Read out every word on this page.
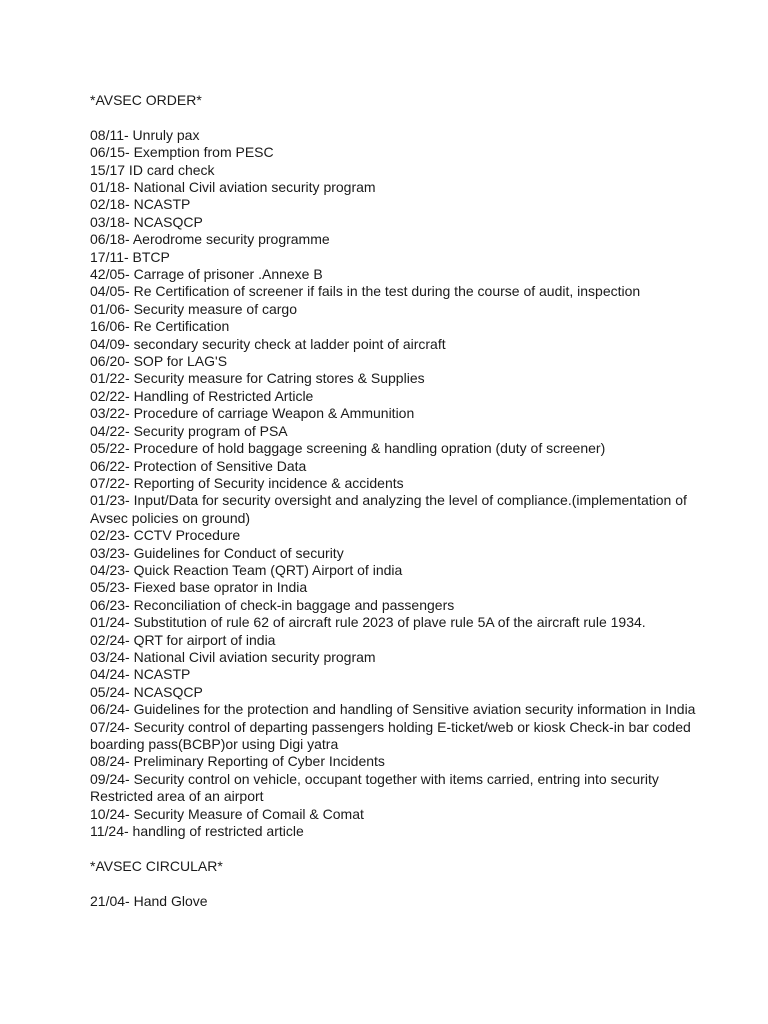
*AVSEC ORDER*
08/11- Unruly pax
06/15- Exemption from PESC
15/17 ID card check
01/18- National Civil aviation security program
02/18- NCASTP
03/18- NCASQCP
06/18- Aerodrome security programme
17/11- BTCP
42/05- Carrage of prisoner .Annexe B
04/05- Re Certification of screener if fails in the test during the course of audit, inspection
01/06- Security measure of cargo
16/06- Re Certification
04/09- secondary security check at ladder point of aircraft
06/20- SOP for LAG'S
01/22- Security measure for Catring stores & Supplies
02/22- Handling of Restricted Article
03/22- Procedure of carriage Weapon & Ammunition
04/22- Security program of PSA
05/22- Procedure of hold baggage screening & handling opration (duty of screener)
06/22- Protection of Sensitive Data
07/22- Reporting of Security incidence & accidents
01/23- Input/Data for security oversight and analyzing the level of compliance.(implementation of Avsec policies on ground)
02/23- CCTV Procedure
03/23- Guidelines for Conduct of security
04/23- Quick Reaction Team (QRT) Airport of india
05/23- Fiexed base oprator in India
06/23- Reconciliation of check-in baggage and passengers
01/24- Substitution of rule 62 of aircraft rule 2023 of plave rule 5A of the aircraft rule 1934.
02/24- QRT for airport of india
03/24- National Civil aviation security program
04/24- NCASTP
05/24- NCASQCP
06/24- Guidelines for the protection and handling of Sensitive aviation security information in India
07/24- Security control of departing passengers holding E-ticket/web or kiosk Check-in bar coded boarding pass(BCBP)or using Digi yatra
08/24- Preliminary Reporting of Cyber Incidents
09/24- Security control on vehicle, occupant together with items carried, entring into security Restricted area of an airport
10/24- Security Measure of Comail & Comat
11/24- handling of restricted article
*AVSEC CIRCULAR*
21/04- Hand Glove
